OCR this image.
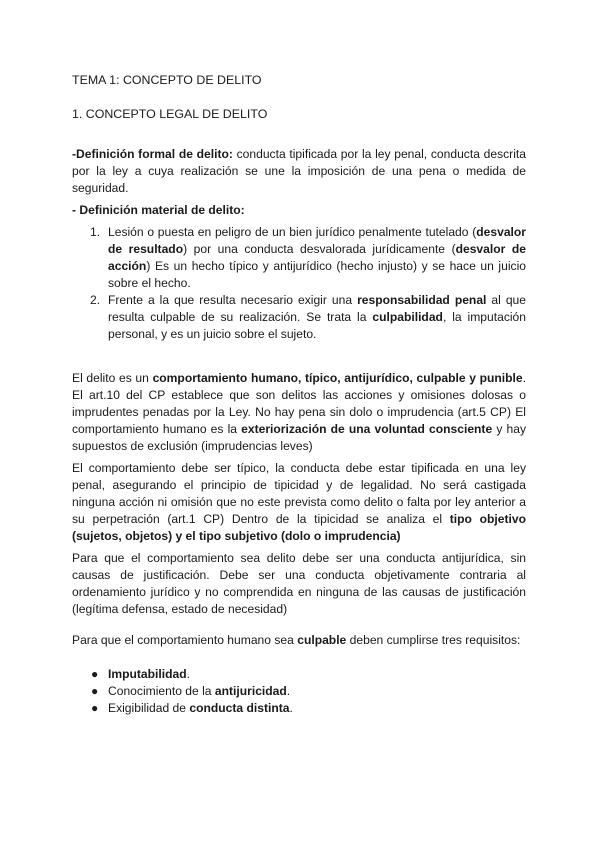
TEMA 1: CONCEPTO DE DELITO
1. CONCEPTO LEGAL DE DELITO
-Definición formal de delito: conducta tipificada por la ley penal, conducta descrita por la ley a cuya realización se une la imposición de una pena o medida de seguridad.
- Definición material de delito:
1. Lesión o puesta en peligro de un bien jurídico penalmente tutelado (desvalor de resultado) por una conducta desvalorada jurídicamente (desvalor de acción) Es un hecho típico y antijurídico (hecho injusto) y se hace un juicio sobre el hecho.
2. Frente a la que resulta necesario exigir una responsabilidad penal al que resulta culpable de su realización. Se trata la culpabilidad, la imputación personal, y es un juicio sobre el sujeto.
El delito es un comportamiento humano, típico, antijurídico, culpable y punible. El art.10 del CP establece que son delitos las acciones y omisiones dolosas o imprudentes penadas por la Ley. No hay pena sin dolo o imprudencia (art.5 CP) El comportamiento humano es la exteriorización de una voluntad consciente y hay supuestos de exclusión (imprudencias leves)
El comportamiento debe ser típico, la conducta debe estar tipificada en una ley penal, asegurando el principio de tipicidad y de legalidad. No será castigada ninguna acción ni omisión que no este prevista como delito o falta por ley anterior a su perpetración (art.1 CP) Dentro de la tipicidad se analiza el tipo objetivo (sujetos, objetos) y el tipo subjetivo (dolo o imprudencia)
Para que el comportamiento sea delito debe ser una conducta antijurídica, sin causas de justificación. Debe ser una conducta objetivamente contraria al ordenamiento jurídico y no comprendida en ninguna de las causas de justificación (legítima defensa, estado de necesidad)
Para que el comportamiento humano sea culpable deben cumplirse tres requisitos:
● Imputabilidad.
● Conocimiento de la antijuricidad.
● Exigibilidad de conducta distinta.
